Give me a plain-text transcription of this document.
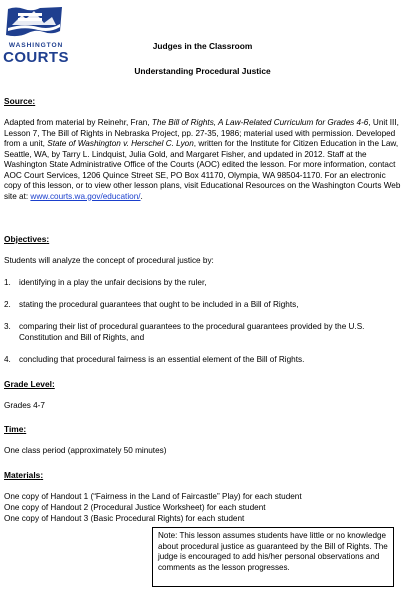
WASHINGTON
COURTS
Judges in the Classroom
Understanding Procedural Justice
Source:
Adapted from material by Reinehr, Fran, The Bill of Rights, A Law-Related Curriculum for Grades 4-6, Unit III, Lesson 7, The Bill of Rights in Nebraska Project, pp. 27-35, 1986; material used with permission. Developed from a unit, State of Washington v. Herschel C. Lyon, written for the Institute for Citizen Education in the Law, Seattle, WA, by Tarry L. Lindquist, Julia Gold, and Margaret Fisher, and updated in 2012. Staff at the Washington State Administrative Office of the Courts (AOC) edited the lesson. For more information, contact AOC Court Services, 1206 Quince Street SE, PO Box 41170, Olympia, WA 98504-1170. For an electronic copy of this lesson, or to view other lesson plans, visit Educational Resources on the Washington Courts Web site at: www.courts.wa.gov/education/.
Objectives:
Students will analyze the concept of procedural justice by:
1. identifying in a play the unfair decisions by the ruler,
2. stating the procedural guarantees that ought to be included in a Bill of Rights,
3. comparing their list of procedural guarantees to the procedural guarantees provided by the U.S. Constitution and Bill of Rights, and
4. concluding that procedural fairness is an essential element of the Bill of Rights.
Grade Level:
Grades 4-7
Time:
One class period (approximately 50 minutes)
Materials:
One copy of Handout 1 (“Fairness in the Land of Faircastle” Play) for each student
One copy of Handout 2 (Procedural Justice Worksheet) for each student
One copy of Handout 3 (Basic Procedural Rights) for each student
Note: This lesson assumes students have little or no knowledge about procedural justice as guaranteed by the Bill of Rights. The judge is encouraged to add his/her personal observations and comments as the lesson progresses.
